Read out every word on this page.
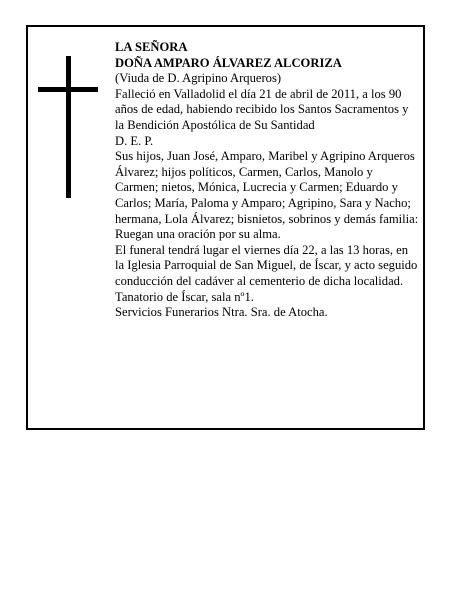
LA SEÑORA

DOÑA AMPARO ÁLVAREZ ALCORIZA

(Viuda de D. Agripino Arqueros)

Falleció en Valladolid el día 21 de abril de 2011, a los 90 años de edad, habiendo recibido los Santos Sacramentos y la Bendición Apostólica de Su Santidad

D. E. P.

Sus hijos, Juan José, Amparo, Maribel y Agripino Arqueros Álvarez; hijos políticos, Carmen, Carlos, Manolo y Carmen; nietos, Mónica, Lucrecia y Carmen; Eduardo y Carlos; María, Paloma y Amparo; Agripino, Sara y Nacho; hermana, Lola Álvarez; bisnietos, sobrinos y demás familia:

Ruegan una oración por su alma.

El funeral tendrá lugar el viernes día 22, a las 13 horas, en la Iglesia Parroquial de San Miguel, de Íscar, y acto seguido conducción del cadáver al cementerio de dicha localidad.

Tanatorio de Íscar, sala nº1.

Servicios Funerarios Ntra. Sra. de Atocha.
